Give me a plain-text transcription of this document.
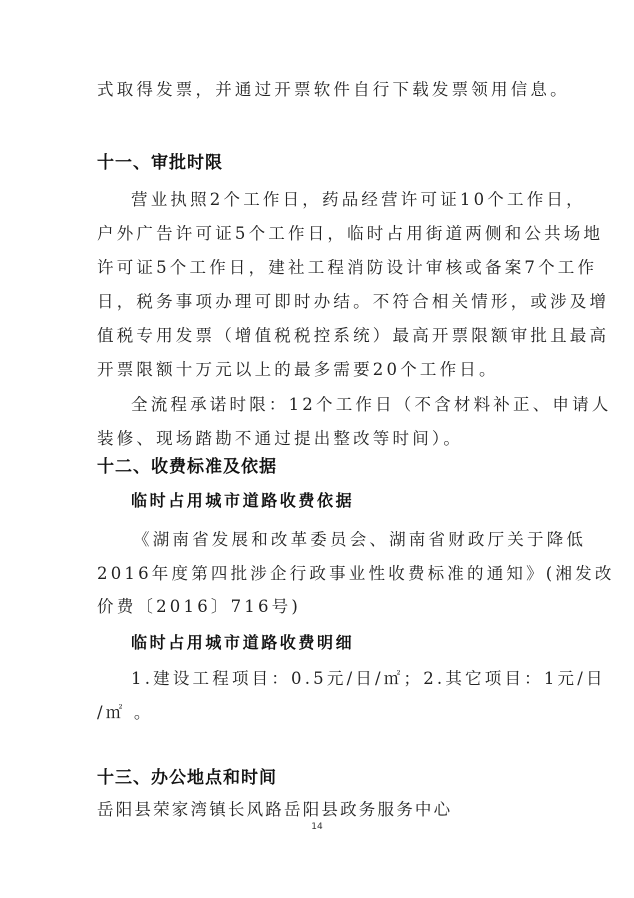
式取得发票，并通过开票软件自行下载发票领用信息。
十一、审批时限
营业执照2个工作日，药品经营许可证10个工作日，
户外广告许可证5个工作日，临时占用街道两侧和公共场地
许可证5个工作日，建社工程消防设计审核或备案7个工作
日，税务事项办理可即时办结。不符合相关情形，或涉及增
值税专用发票（增值税税控系统）最高开票限额审批且最高
开票限额十万元以上的最多需要20个工作日。
全流程承诺时限：12个工作日（不含材料补正、申请人
装修、现场踏勘不通过提出整改等时间）。
十二、收费标准及依据
临时占用城市道路收费依据
《湖南省发展和改革委员会、湖南省财政厅关于降低
2016年度第四批涉企行政事业性收费标准的通知》(湘发改
价费〔2016〕716号)
临时占用城市道路收费明细
1.建设工程项目：0.5元/日/㎡；2.其它项目：1元/日
/㎡ 。
十三、办公地点和时间
岳阳县荣家湾镇长风路岳阳县政务服务中心
14
